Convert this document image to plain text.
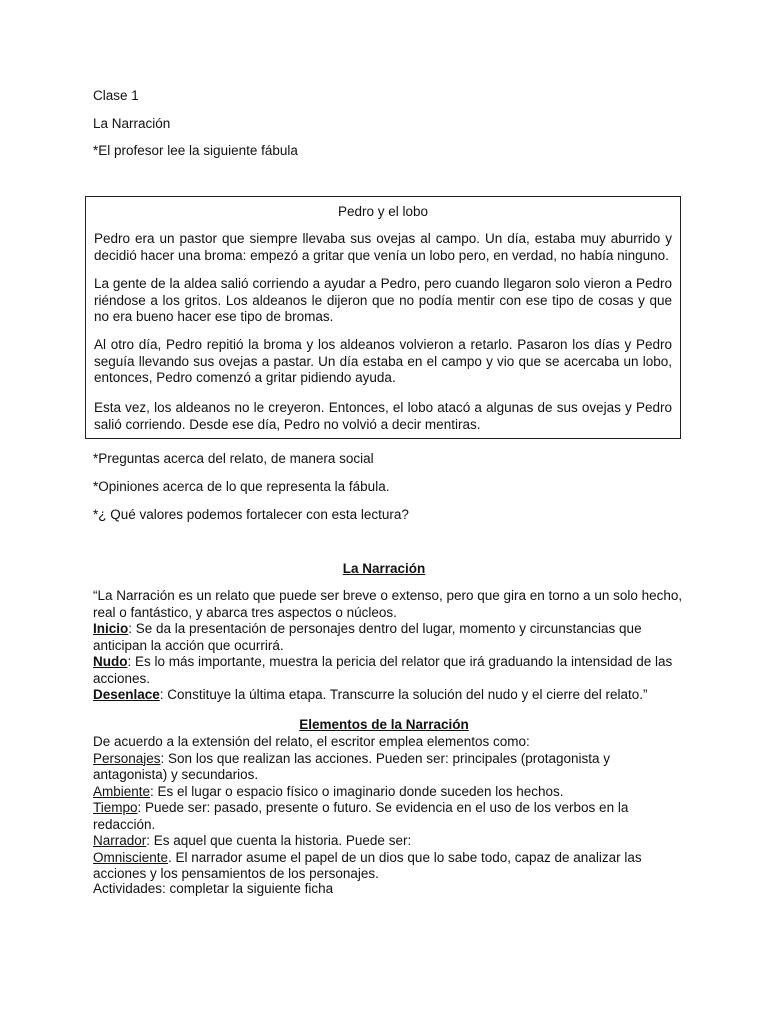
Clase 1

La Narración

*El profesor lee la siguiente fábula

Pedro y el lobo

Pedro era un pastor que siempre llevaba sus ovejas al campo. Un día, estaba muy aburrido y decidió hacer una broma: empezó a gritar que venía un lobo pero, en verdad, no había ninguno.

La gente de la aldea salió corriendo a ayudar a Pedro, pero cuando llegaron solo vieron a Pedro riéndose a los gritos. Los aldeanos le dijeron que no podía mentir con ese tipo de cosas y que no era bueno hacer ese tipo de bromas.

Al otro día, Pedro repitió la broma y los aldeanos volvieron a retarlo. Pasaron los días y Pedro seguía llevando sus ovejas a pastar. Un día estaba en el campo y vio que se acercaba un lobo, entonces, Pedro comenzó a gritar pidiendo ayuda.

Esta vez, los aldeanos no le creyeron. Entonces, el lobo atacó a algunas de sus ovejas y Pedro salió corriendo. Desde ese día, Pedro no volvió a decir mentiras.

*Preguntas acerca del relato, de manera social

*Opiniones acerca de lo que representa la fábula.

*¿ Qué valores podemos fortalecer con esta lectura?

La Narración

“La Narración es un relato que puede ser breve o extenso, pero que gira en torno a un solo hecho, real o fantástico, y abarca tres aspectos o núcleos.
Inicio: Se da la presentación de personajes dentro del lugar, momento y circunstancias que anticipan la acción que ocurrirá.
Nudo: Es lo más importante, muestra la pericia del relator que irá graduando la intensidad de las acciones.
Desenlace: Constituye la última etapa. Transcurre la solución del nudo y el cierre del relato.”

Elementos de la Narración

De acuerdo a la extensión del relato, el escritor emplea elementos como:
Personajes: Son los que realizan las acciones. Pueden ser: principales (protagonista y antagonista) y secundarios.
Ambiente: Es el lugar o espacio físico o imaginario donde suceden los hechos.
Tiempo: Puede ser: pasado, presente o futuro. Se evidencia en el uso de los verbos en la redacción.
Narrador: Es aquel que cuenta la historia. Puede ser:
Omnisciente. El narrador asume el papel de un dios que lo sabe todo, capaz de analizar las acciones y los pensamientos de los personajes.

Actividades: completar la siguiente ficha
